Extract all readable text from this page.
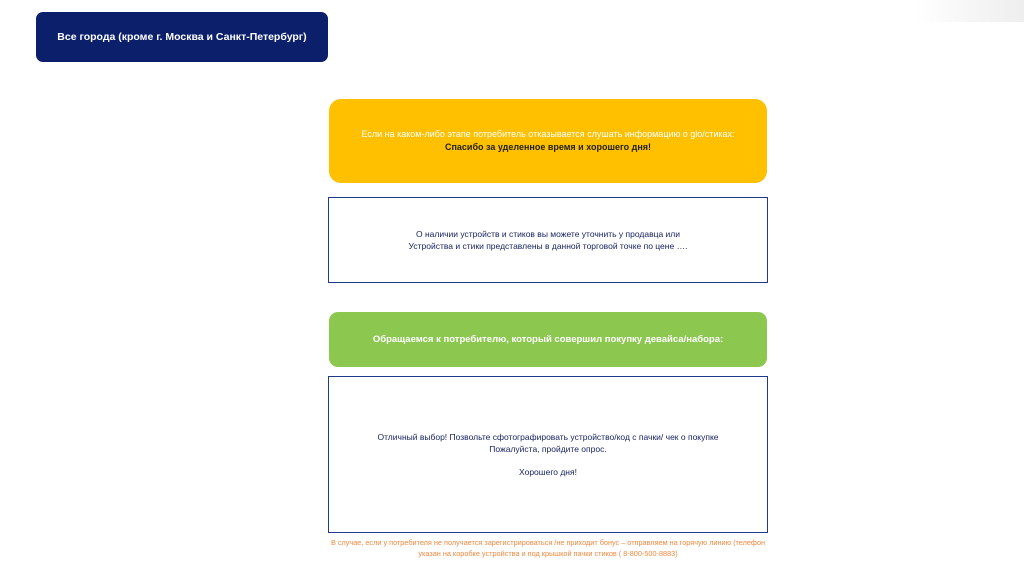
Все города (кроме г. Москва и Санкт-Петербург)
Если на каком-либо этапе потребитель отказывается слушать информацию о glo/стиках:
Спасибо за уделенное время и хорошего дня!
О наличии устройств и стиков вы можете уточнить у продавца или
Устройства и стики представлены в данной торговой точке по цене ….
Обращаемся к потребителю, который совершил покупку девайса/набора:
Отличный выбор! Позвольте сфотографировать устройство/код с пачки/ чек о покупке
Пожалуйста, пройдите опрос.
Хорошего дня!
В случае, если у потребителя не получается зарегистрироваться /не приходит бонус – отправляем на горячую линию (телефон
указан на коробке устройства и под крышкой пачки стиков ( 8-800-500-8883)
